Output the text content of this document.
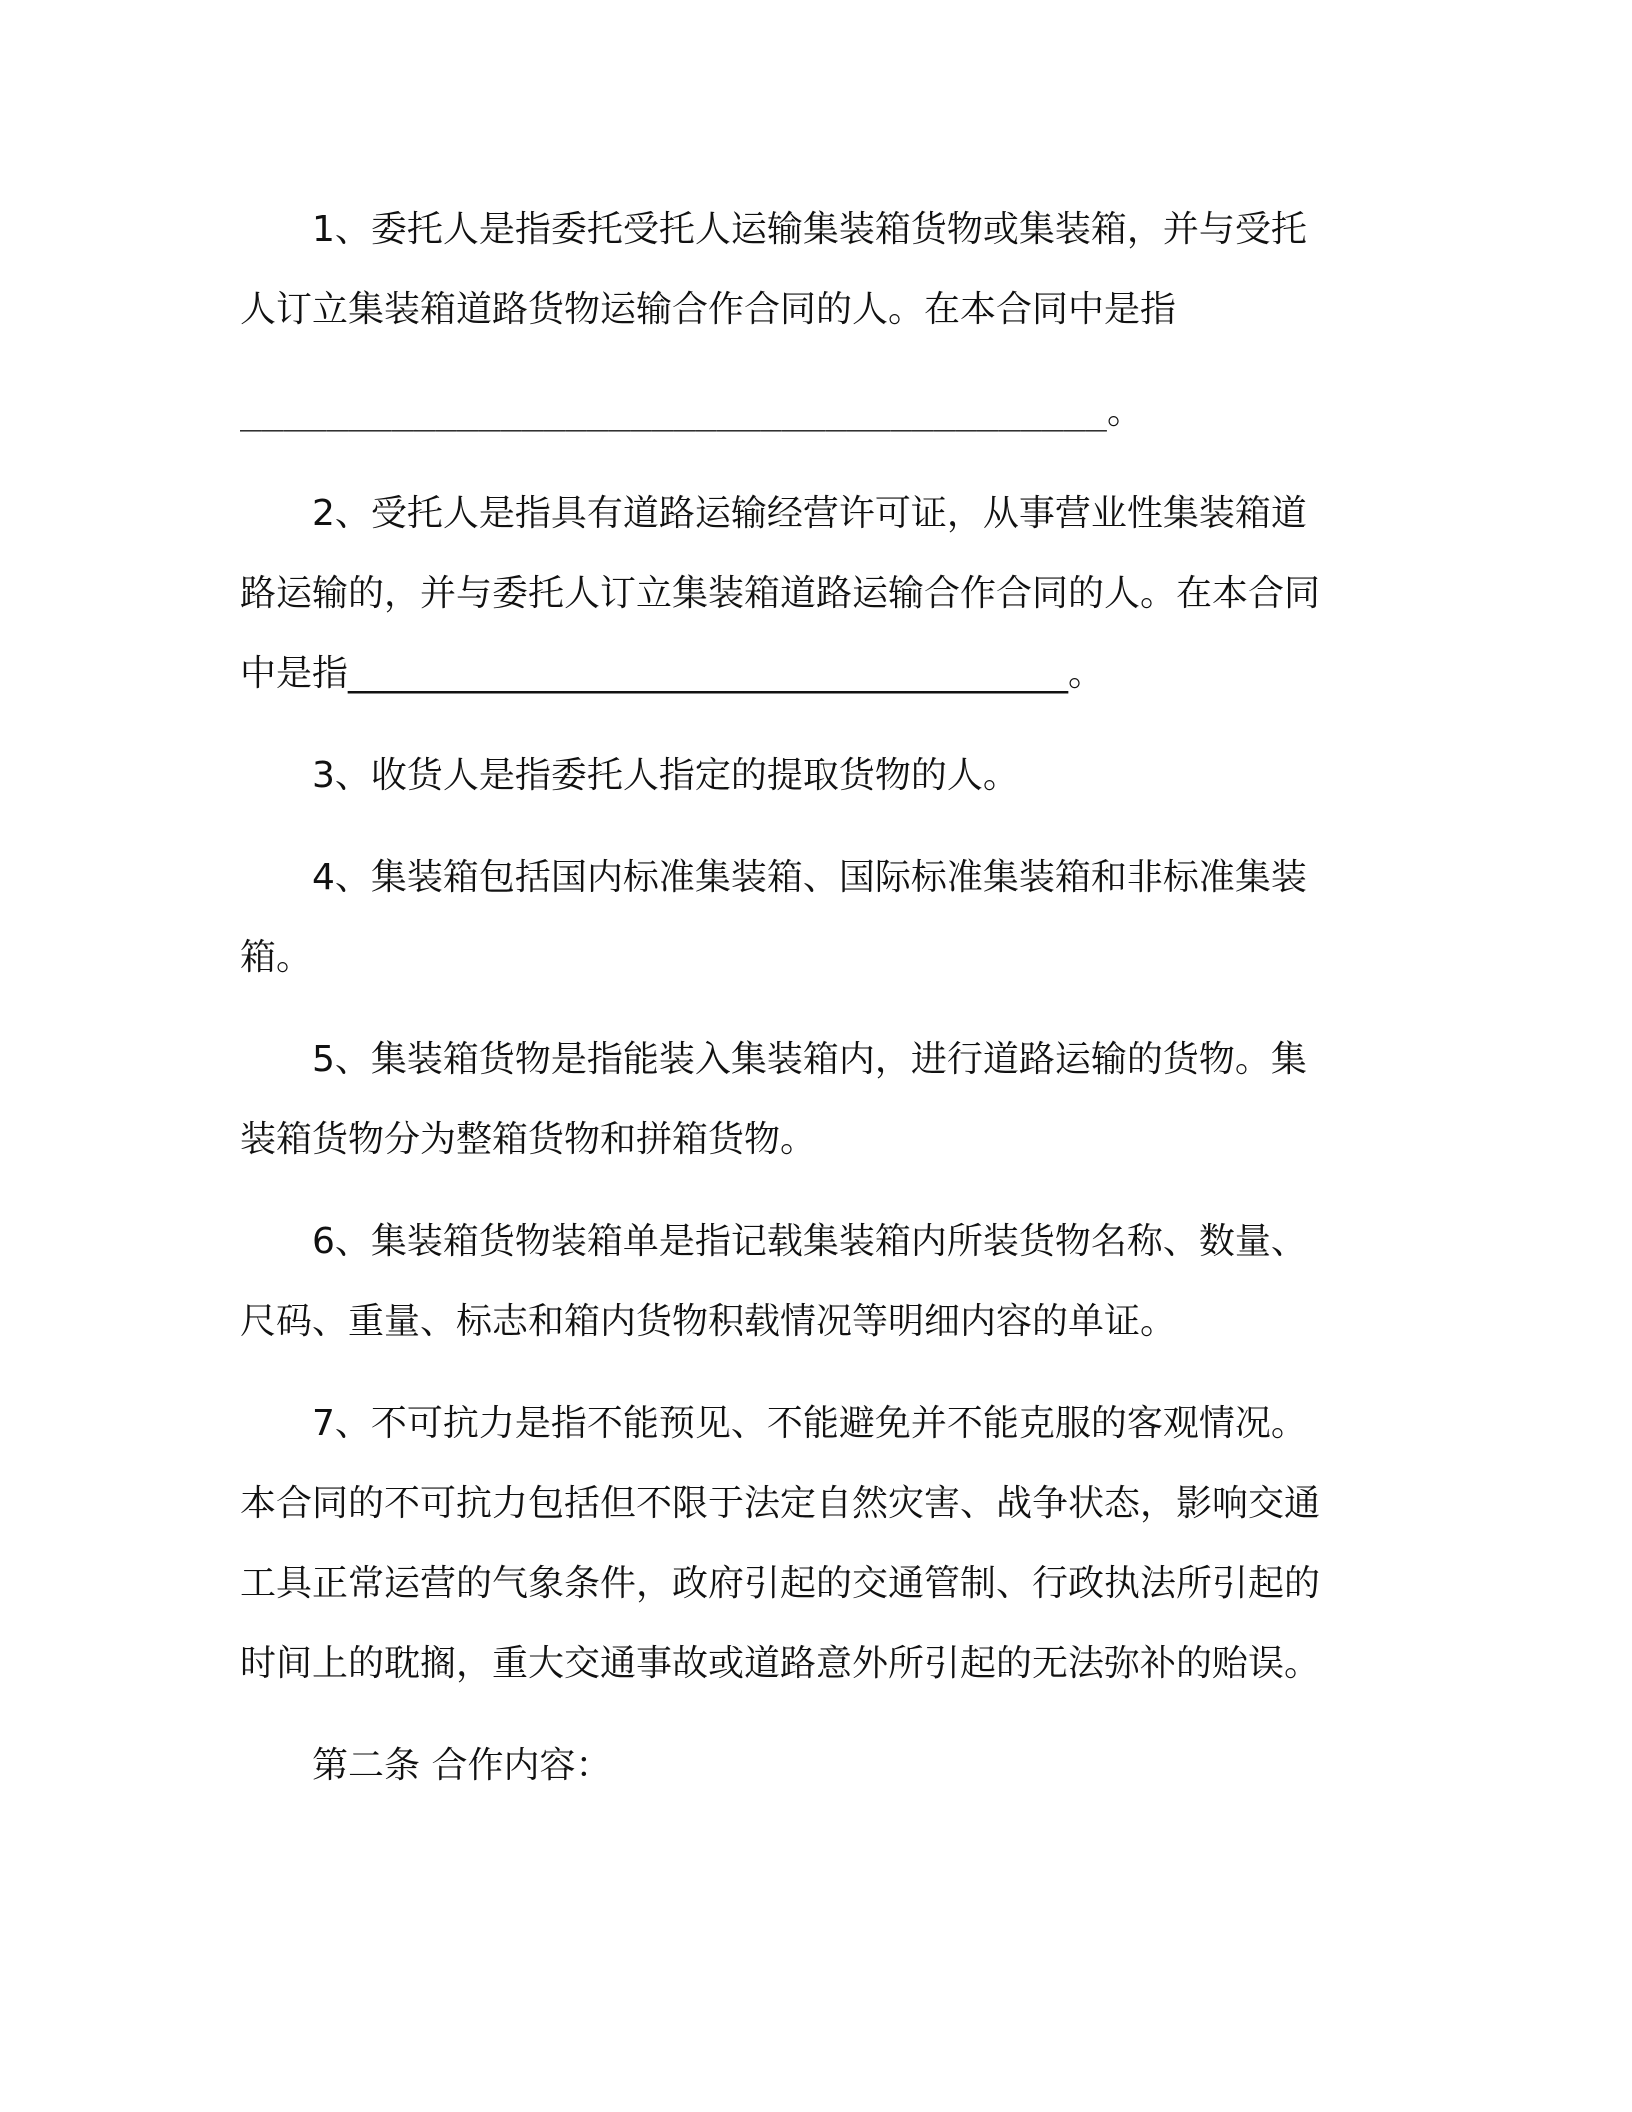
1、委托人是指委托受托人运输集装箱货物或集装箱，并与受托
人订立集装箱道路货物运输合作合同的人。在本合同中是指
________________________________________。
2、受托人是指具有道路运输经营许可证，从事营业性集装箱道
路运输的，并与委托人订立集装箱道路运输合作合同的人。在本合同
中是指________________________________________。
3、收货人是指委托人指定的提取货物的人。
4、集装箱包括国内标准集装箱、国际标准集装箱和非标准集装
箱。
5、集装箱货物是指能装入集装箱内，进行道路运输的货物。集
装箱货物分为整箱货物和拼箱货物。
6、集装箱货物装箱单是指记载集装箱内所装货物名称、数量、
尺码、重量、标志和箱内货物积载情况等明细内容的单证。
7、不可抗力是指不能预见、不能避免并不能克服的客观情况。
本合同的不可抗力包括但不限于法定自然灾害、战争状态，影响交通
工具正常运营的气象条件，政府引起的交通管制、行政执法所引起的
时间上的耽搁，重大交通事故或道路意外所引起的无法弥补的贻误。
第二条 合作内容：
